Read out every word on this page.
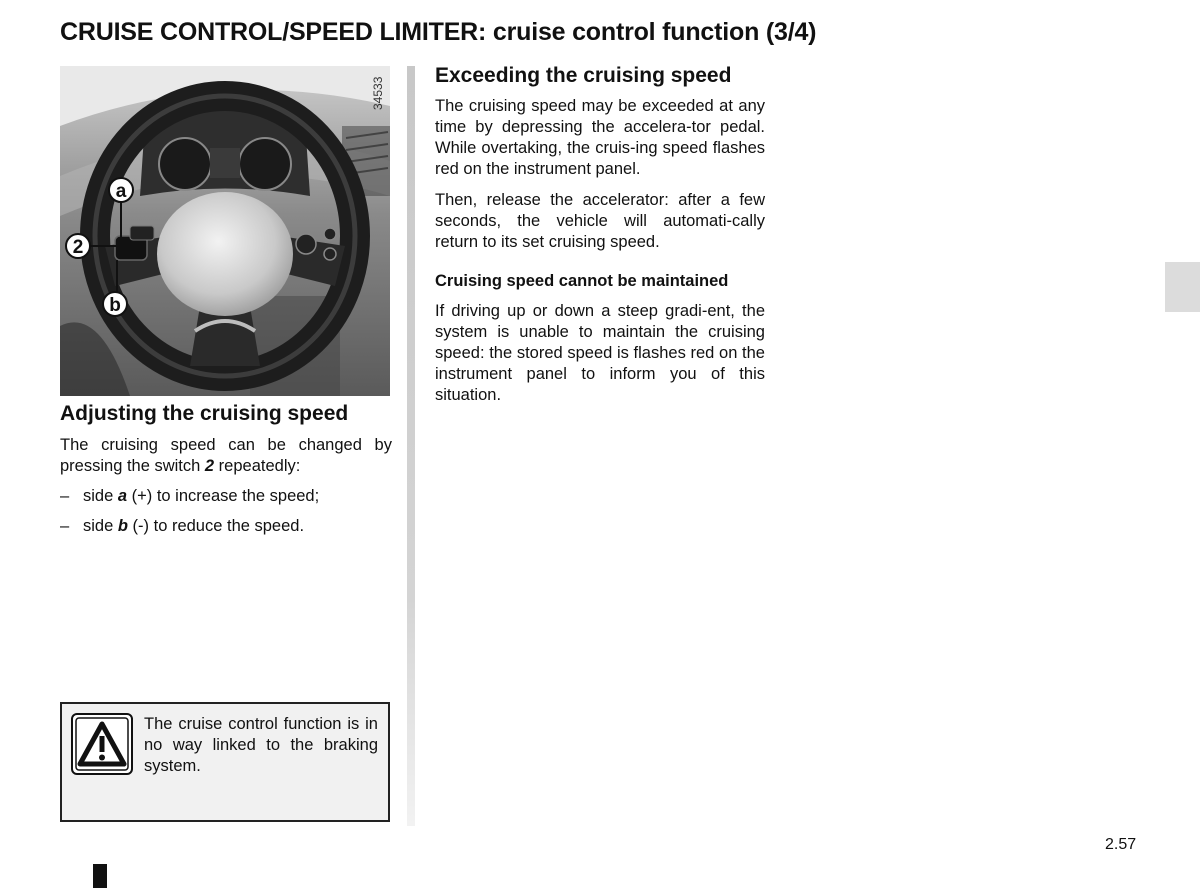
CRUISE CONTROL/SPEED LIMITER: cruise control function (3/4)
34533
a
2
b
Adjusting the cruising speed

The cruising speed can be changed by pressing the switch 2 repeatedly:

– side a (+) to increase the speed;
– side b (-) to reduce the speed.
The cruise control function is in no way linked to the braking system.
Exceeding the cruising speed

The cruising speed may be exceeded at any time by depressing the accelera-tor pedal. While overtaking, the cruis-ing speed flashes red on the instrument panel.

Then, release the accelerator: after a few seconds, the vehicle will automati-cally return to its set cruising speed.

Cruising speed cannot be maintained

If driving up or down a steep gradi-ent, the system is unable to maintain the cruising speed: the stored speed is flashes red on the instrument panel to inform you of this situation.

2.57
